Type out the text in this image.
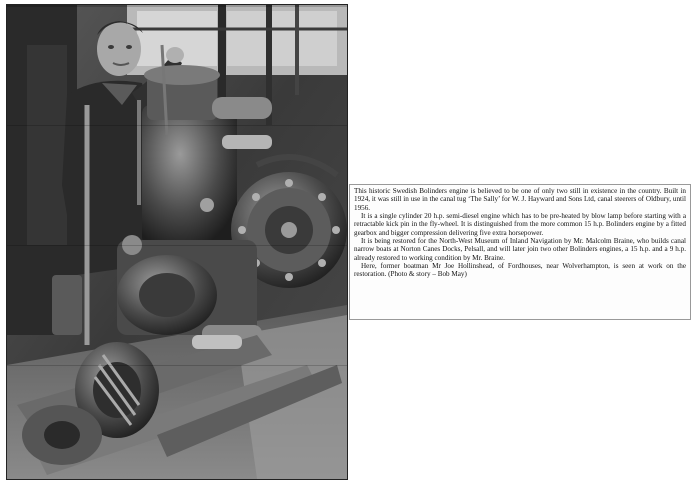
This historic Swedish Bolinders engine is believed to be one of only two still in existence in the country. Built in 1924, it was still in use in the canal tug ‘The Sally’ for W. J. Hayward and Sons Ltd, canal steerers of Oldbury, until 1956.

It is a single cylinder 20 h.p. semi-diesel engine which has to be pre-heated by blow lamp before starting with a retractable kick pin in the fly-wheel. It is distinguished from the more common 15 h.p. Bolinders engine by a fitted gearbox and bigger compression delivering five extra horsepower.

It is being restored for the North-West Museum of Inland Navigation by Mr. Malcolm Braine, who builds canal narrow boats at Norton Canes Docks, Pelsall, and will later join two other Bolinders engines, a 15 h.p. and a 9 h.p. already restored to working condition by Mr. Braine.

Here, former boatman Mr Joe Hollinshead, of Fordhouses, near Wolverhampton, is seen at work on the restoration. (Photo & story – Bob May)
